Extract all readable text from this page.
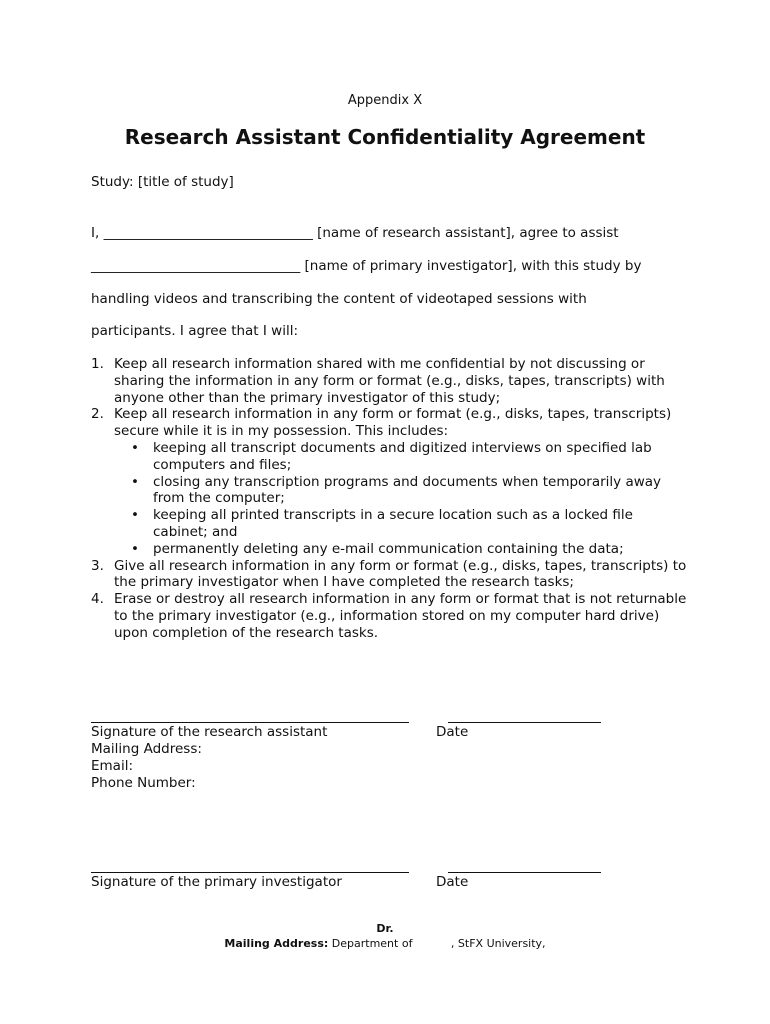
Appendix X
Research Assistant Confidentiality Agreement
Study: [title of study]
I, _______________________________ [name of research assistant], agree to assist
_______________________________ [name of primary investigator], with this study by
handling videos and transcribing the content of videotaped sessions with
participants. I agree that I will:
1. Keep all research information shared with me confidential by not discussing or sharing the information in any form or format (e.g., disks, tapes, transcripts) with anyone other than the primary investigator of this study;
2. Keep all research information in any form or format (e.g., disks, tapes, transcripts) secure while it is in my possession. This includes:
• keeping all transcript documents and digitized interviews on specified lab computers and files;
• closing any transcription programs and documents when temporarily away from the computer;
• keeping all printed transcripts in a secure location such as a locked file cabinet; and
• permanently deleting any e-mail communication containing the data;
3. Give all research information in any form or format (e.g., disks, tapes, transcripts) to the primary investigator when I have completed the research tasks;
4. Erase or destroy all research information in any form or format that is not returnable to the primary investigator (e.g., information stored on my computer hard drive) upon completion of the research tasks.
Signature of the research assistant	Date
Mailing Address:
Email:
Phone Number:
Signature of the primary investigator	Date
Dr.
Mailing Address: Department of	, StFX University,
